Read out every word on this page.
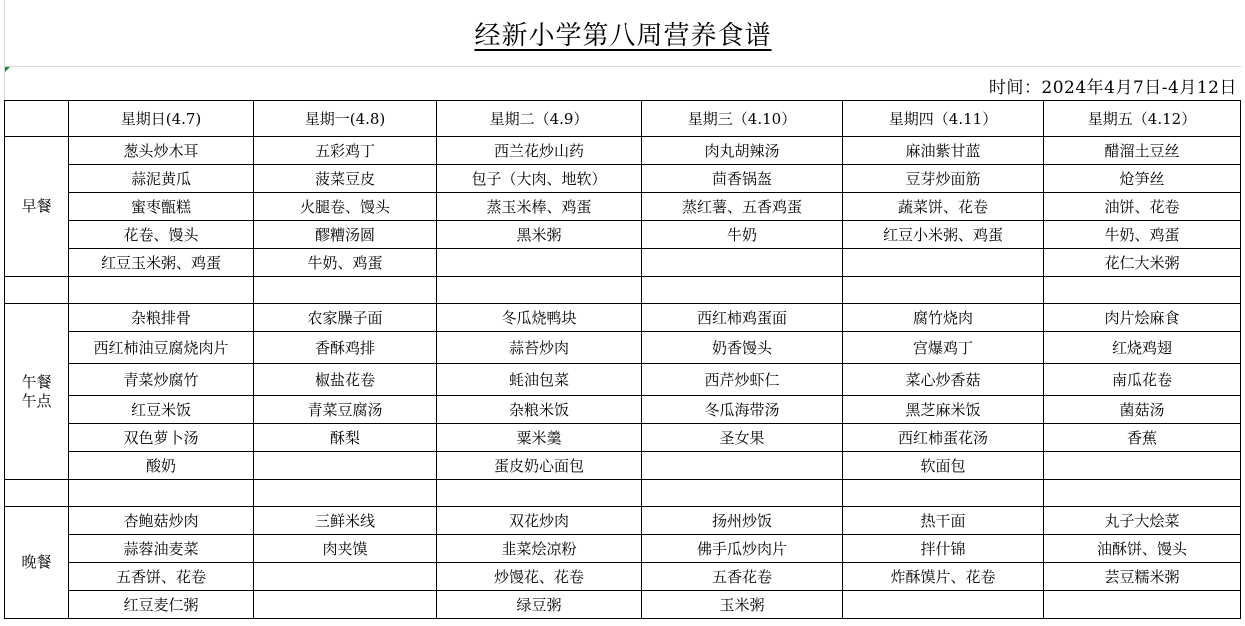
经新小学第八周营养食谱
时间：2024年4月7日-4月12日
	星期日(4.7)	星期一(4.8)	星期二（4.9）	星期三（4.10）	星期四（4.11）	星期五（4.12）
早餐	葱头炒木耳	五彩鸡丁	西兰花炒山药	肉丸胡辣汤	麻油紫甘蓝	醋溜土豆丝
	蒜泥黄瓜	菠菜豆皮	包子（大肉、地软）	茴香锅盔	豆芽炒面筋	炝笋丝
	蜜枣甑糕	火腿卷、馒头	蒸玉米棒、鸡蛋	蒸红薯、五香鸡蛋	蔬菜饼、花卷	油饼、花卷
	花卷、馒头	醪糟汤圆	黑米粥	牛奶	红豆小米粥、鸡蛋	牛奶、鸡蛋
	红豆玉米粥、鸡蛋	牛奶、鸡蛋				花仁大米粥

午餐
午点	杂粮排骨	农家臊子面	冬瓜烧鸭块	西红柿鸡蛋面	腐竹烧肉	肉片烩麻食
	西红柿油豆腐烧肉片	香酥鸡排	蒜苔炒肉	奶香馒头	宫爆鸡丁	红烧鸡翅
	青菜炒腐竹	椒盐花卷	蚝油包菜	西芹炒虾仁	菜心炒香菇	南瓜花卷
	红豆米饭	青菜豆腐汤	杂粮米饭	冬瓜海带汤	黑芝麻米饭	菌菇汤
	双色萝卜汤	酥梨	粟米羹	圣女果	西红柿蛋花汤	香蕉
	酸奶		蛋皮奶心面包		软面包	

晚餐	杏鲍菇炒肉	三鲜米线	双花炒肉	扬州炒饭	热干面	丸子大烩菜
	蒜蓉油麦菜	肉夹馍	韭菜烩凉粉	佛手瓜炒肉片	拌什锦	油酥饼、馒头
	五香饼、花卷		炒馒花、花卷	五香花卷	炸酥馍片、花卷	芸豆糯米粥
	红豆麦仁粥		绿豆粥	玉米粥		
